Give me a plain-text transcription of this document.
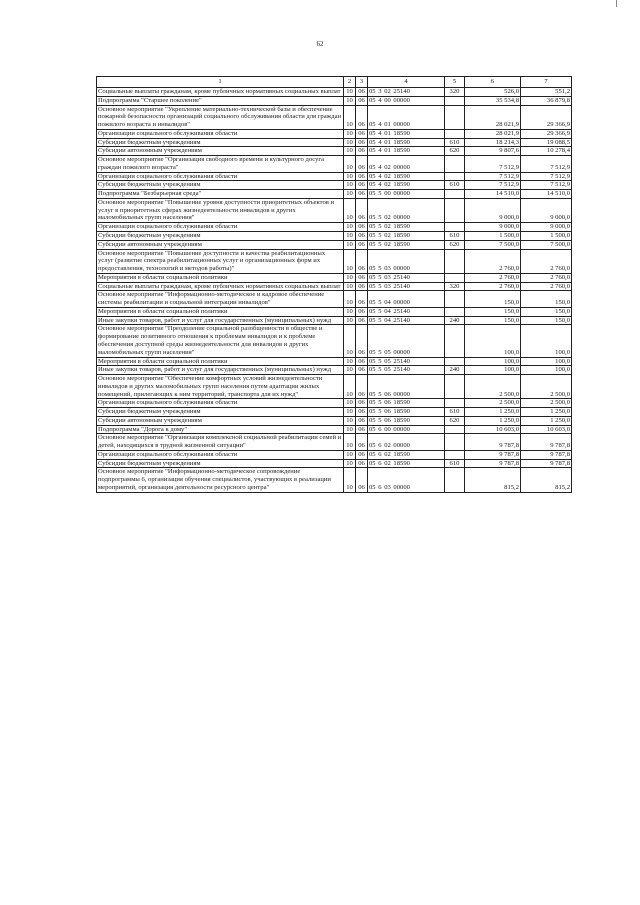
62
1	2	3	4	5	6	7
Социальные выплаты гражданам, кроме публичных нормативных социальных выплат	10	06	05 3 02 25140	320	526,0	551,2
Подпрограмма "Старшее поколение"	10	06	05 4 00 00000		35 534,8	36 879,8
Основное мероприятие "Укрепление материально-технической базы и обеспечение пожарной безопасности организаций социального обслуживания области для граждан пожилого возраста и инвалидов"	10	06	05 4 01 00000		28 021,9	29 366,9
Организации социального обслуживания области	10	06	05 4 01 18590		28 021,9	29 366,9
Субсидии бюджетным учреждениям	10	06	05 4 01 18590	610	18 214,3	19 088,5
Субсидии автономным учреждениям	10	06	05 4 01 18590	620	9 807,6	10 278,4
Основное мероприятие "Организация свободного времени и культурного досуга граждан пожилого возраста"	10	06	05 4 02 00000		7 512,9	7 512,9
Организации социального обслуживания области	10	06	05 4 02 18590		7 512,9	7 512,9
Субсидии бюджетным учреждениям	10	06	05 4 02 18590	610	7 512,9	7 512,9
Подпрограмма "Безбарьерная среда"	10	06	05 5 00 00000		14 510,0	14 510,0
Основное мероприятие "Повышение уровня доступности приоритетных объектов и услуг в приоритетных сферах жизнедеятельности инвалидов и других маломобильных групп населения"	10	06	05 5 02 00000		9 000,0	9 000,0
Организации социального обслуживания области	10	06	05 5 02 18590		9 000,0	9 000,0
Субсидии бюджетным учреждениям	10	06	05 5 02 18590	610	1 500,0	1 500,0
Субсидии автономным учреждениям	10	06	05 5 02 18590	620	7 500,0	7 500,0
Основное мероприятие "Повышение доступности и качества реабилитационных услуг (развитие спектра реабилитационных услуг и организационных форм их предоставления, технологий и методов работы)"	10	06	05 5 03 00000		2 760,0	2 760,0
Мероприятия в области социальной политики	10	06	05 5 03 25140		2 760,0	2 760,0
Социальные выплаты гражданам, кроме публичных нормативных социальных выплат	10	06	05 5 03 25140	320	2 760,0	2 760,0
Основное мероприятие "Информационно-методическое и кадровое обеспечение системы реабилитации и социальной интеграции инвалидов"	10	06	05 5 04 00000		150,0	150,0
Мероприятия в области социальной политики	10	06	05 5 04 25140		150,0	150,0
Иные закупки товаров, работ и услуг для государственных (муниципальных) нужд	10	06	05 5 04 25140	240	150,0	150,0
Основное мероприятие "Преодоление социальной разобщенности в обществе и формирование позитивного отношения к проблемам инвалидов и к проблеме обеспечения доступной среды жизнедеятельности для инвалидов и других маломобильных групп населения"	10	06	05 5 05 00000		100,0	100,0
Мероприятия в области социальной политики	10	06	05 5 05 25140		100,0	100,0
Иные закупки товаров, работ и услуг для государственных (муниципальных) нужд	10	06	05 5 05 25140	240	100,0	100,0
Основное мероприятие "Обеспечение комфортных условий жизнедеятельности инвалидов и других маломобильных групп населения путем адаптации жилых помещений, прилегающих к ним территорий, транспорта для их нужд"	10	06	05 5 06 00000		2 500,0	2 500,0
Организации социального обслуживания области	10	06	05 5 06 18590		2 500,0	2 500,0
Субсидии бюджетным учреждениям	10	06	05 5 06 18590	610	1 250,0	1 250,0
Субсидии автономным учреждениям	10	06	05 5 06 18590	620	1 250,0	1 250,0
Подпрограмма "Дорога к дому"	10	06	05 6 00 00000		10 603,0	10 603,0
Основное мероприятие "Организация комплексной социальной реабилитации семей и детей, находящихся в трудной жизненной ситуации"	10	06	05 6 02 00000		9 787,8	9 787,8
Организации социального обслуживания области	10	06	05 6 02 18590		9 787,8	9 787,8
Субсидии бюджетным учреждениям	10	06	05 6 02 18590	610	9 787,8	9 787,8
Основное мероприятие "Информационно-методическое сопровождение подпрограммы 6, организация обучения специалистов, участвующих в реализации мероприятий, организация деятельности ресурсного центра"	10	06	05 6 03 00000		815,2	815,2
